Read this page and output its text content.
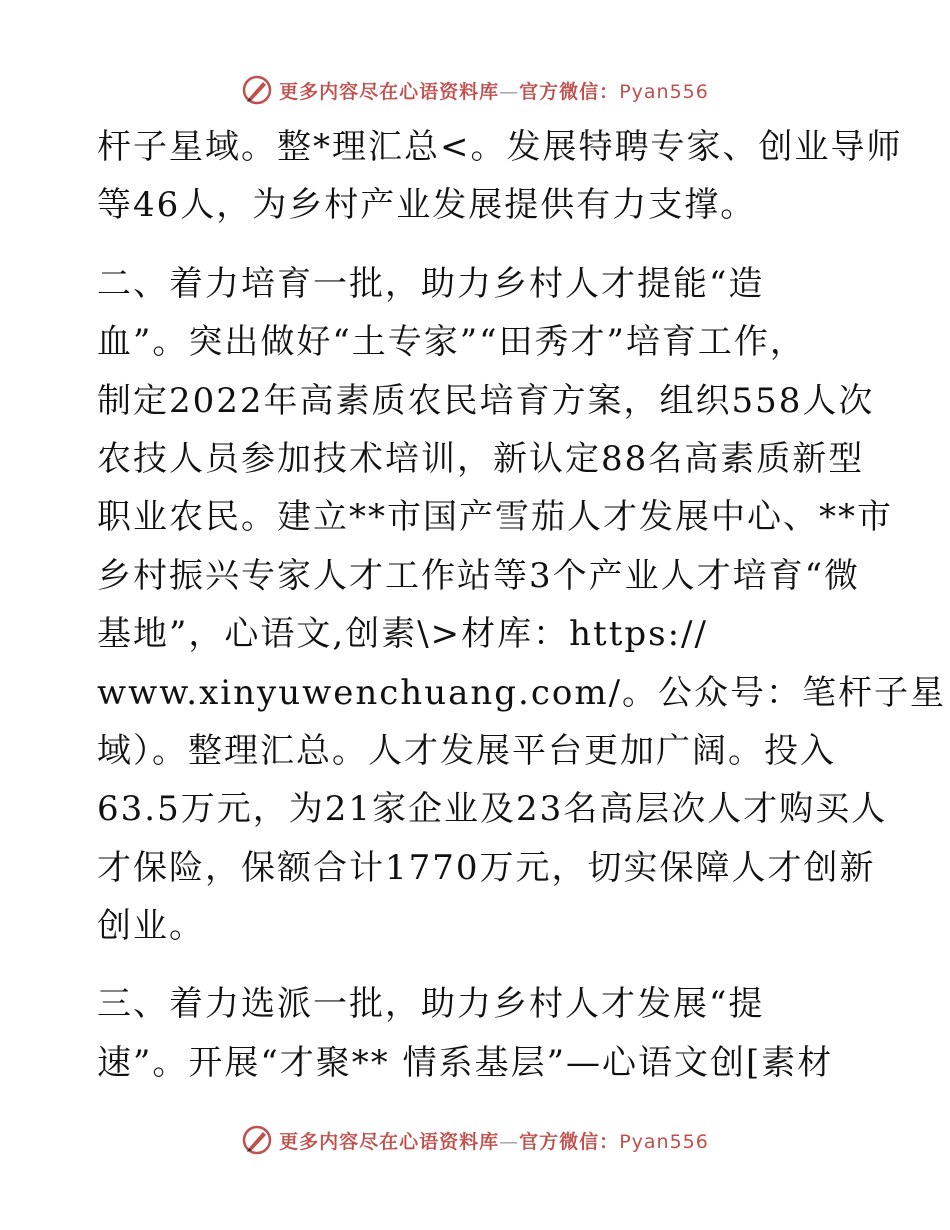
更多内容尽在心语资料库—官方微信：Pyan556

杆子星域。整*理汇总<。发展特聘专家、创业导师
等46人，为乡村产业发展提供有力支撑。

二、着力培育一批，助力乡村人才提能“造
血”。突出做好“土专家”“田秀才”培育工作，
制定2022年高素质农民培育方案，组织558人次
农技人员参加技术培训，新认定88名高素质新型
职业农民。建立**市国产雪茄人才发展中心、**市
乡村振兴专家人才工作站等3个产业人才培育“微
基地”，心语文,创素\>材库：https://
www.xinyuwenchuang.com/。公众号：笔杆子星
域）。整理汇总。人才发展平台更加广阔。投入
63.5万元，为21家企业及23名高层次人才购买人
才保险，保额合计1770万元，切实保障人才创新
创业。

三、着力选派一批，助力乡村人才发展“提
速”。开展“才聚** 情系基层”—心语文创[素材

更多内容尽在心语资料库—官方微信：Pyan556
